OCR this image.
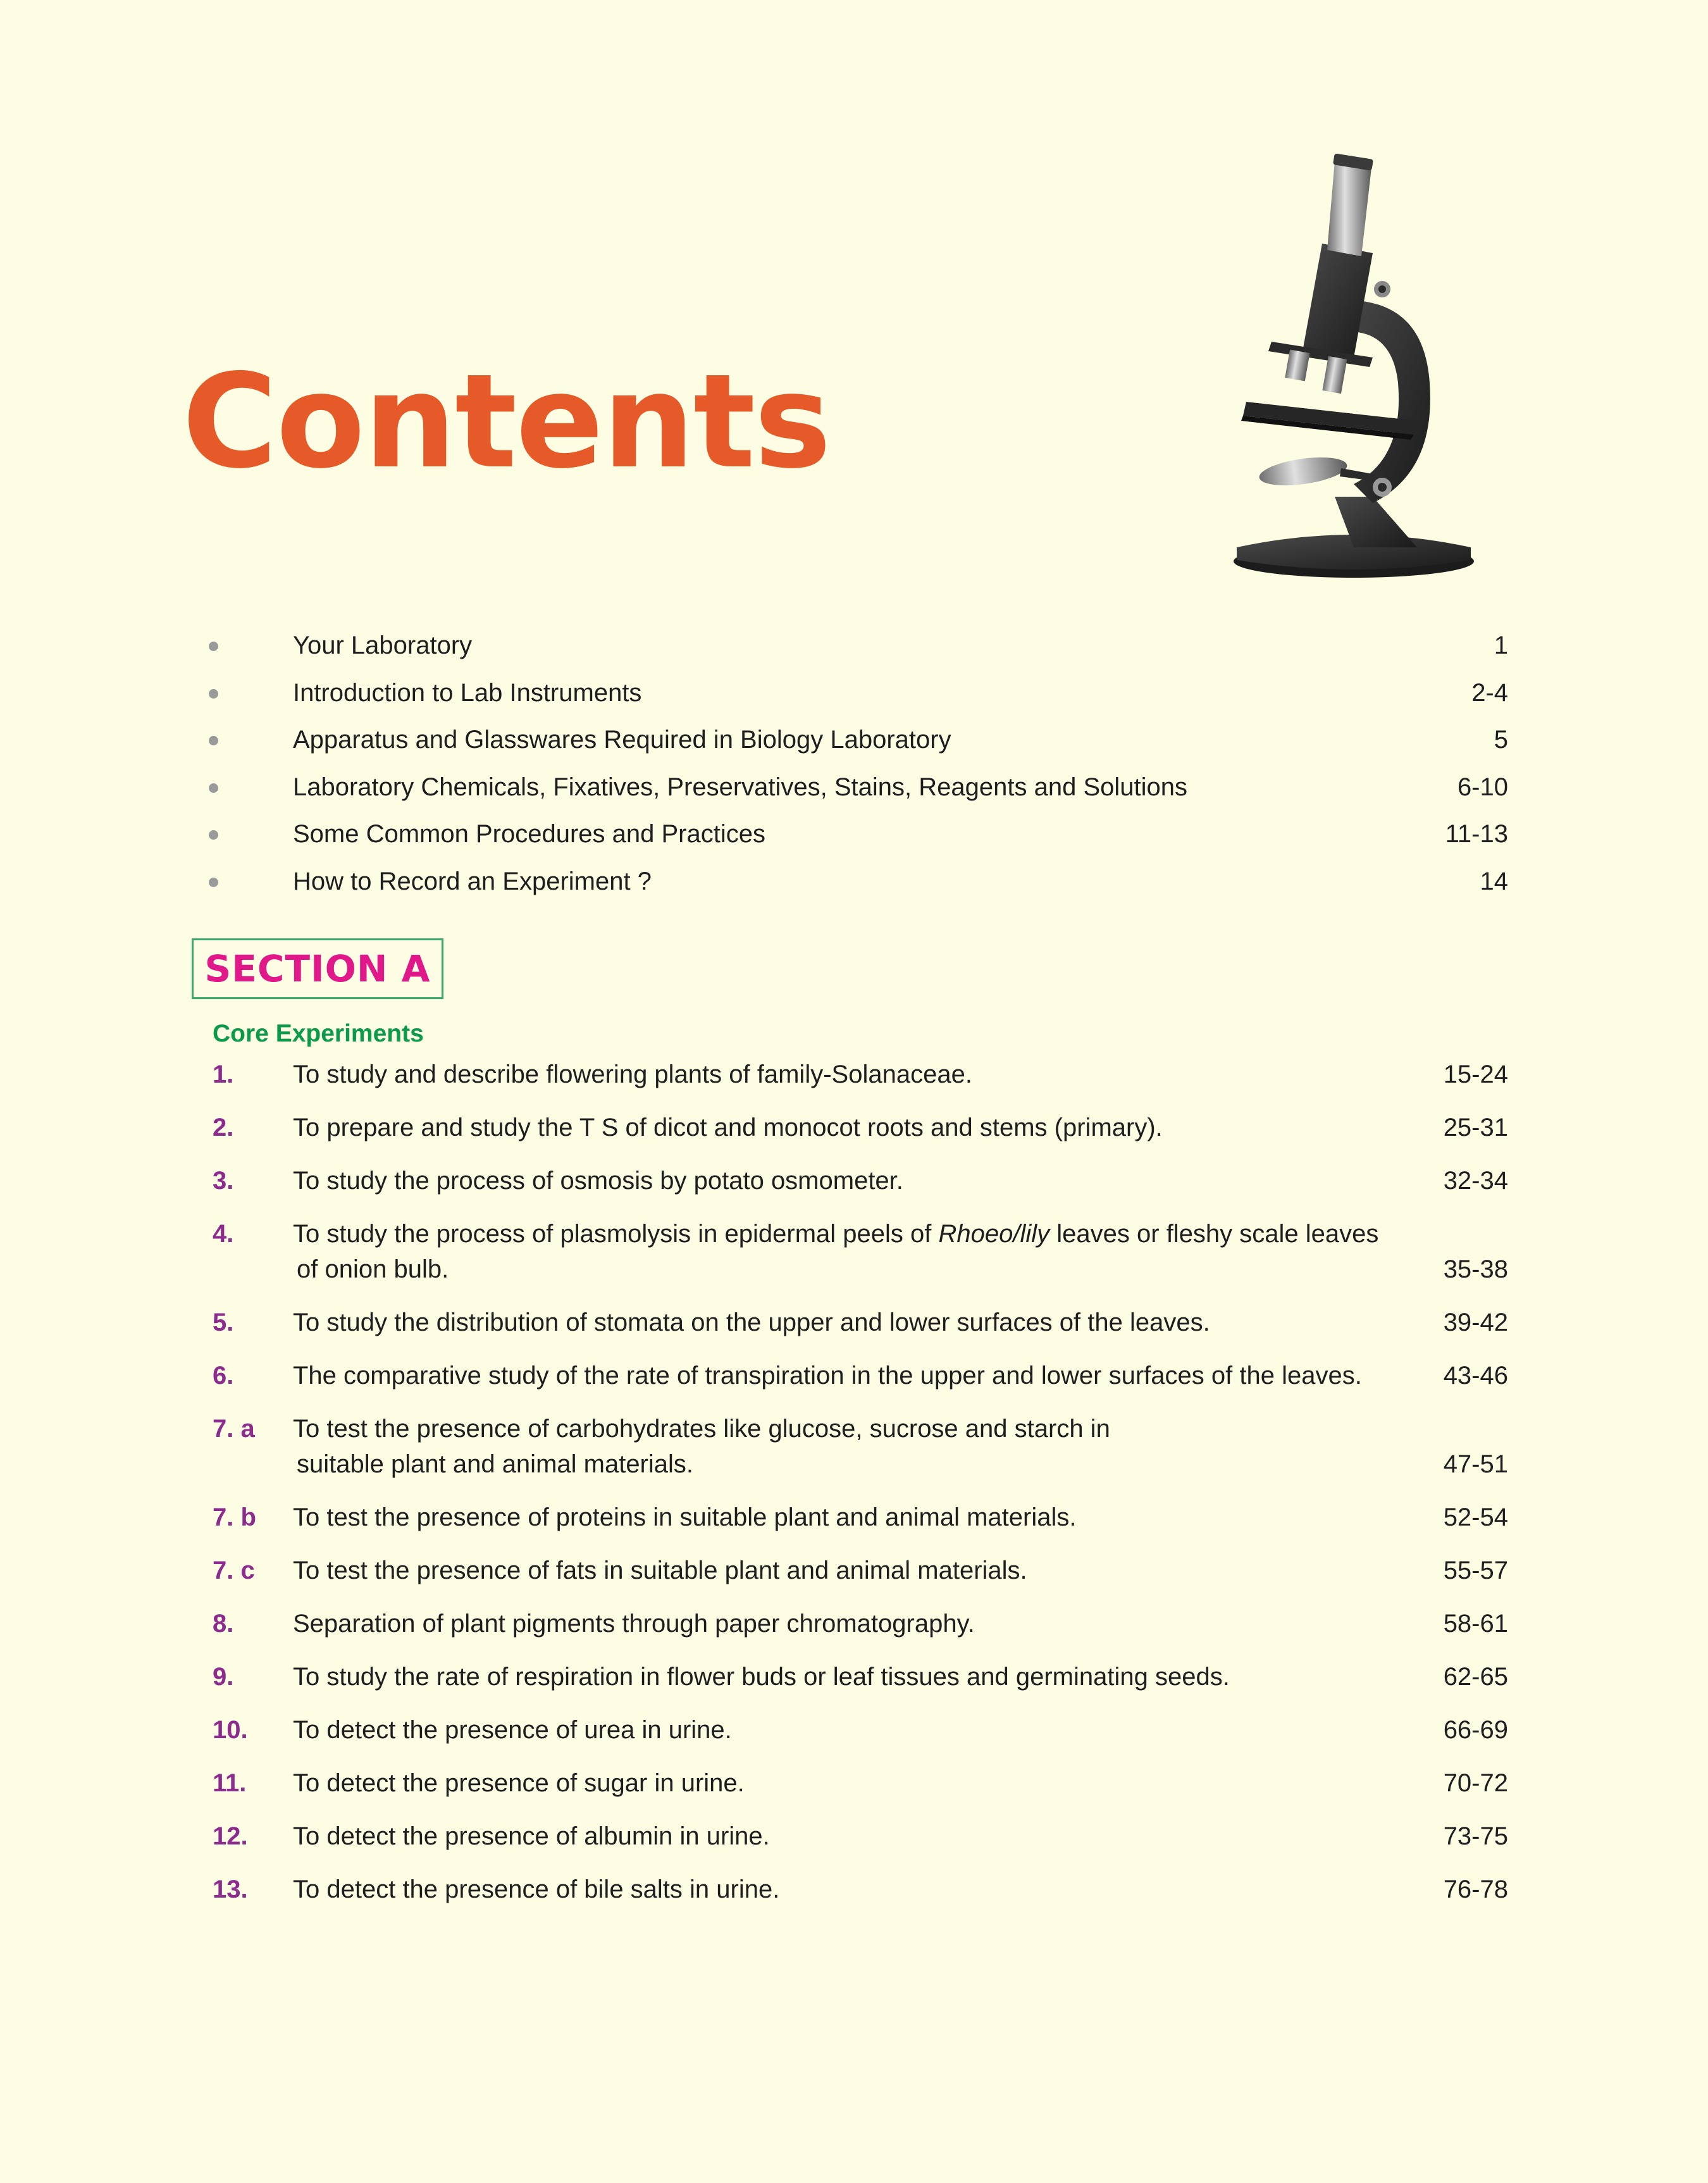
Contents
Your Laboratory	1
Introduction to Lab Instruments	2-4
Apparatus and Glasswares Required in Biology Laboratory	5
Laboratory Chemicals, Fixatives, Preservatives, Stains, Reagents and Solutions	6-10
Some Common Procedures and Practices	11-13
How to Record an Experiment ?	14
SECTION A
Core Experiments
1. To study and describe flowering plants of family-Solanaceae.	15-24
2. To prepare and study the T S of dicot and monocot roots and stems (primary).	25-31
3. To study the process of osmosis by potato osmometer.	32-34
4. To study the process of plasmolysis in epidermal peels of Rhoeo/lily leaves or fleshy scale leaves
of onion bulb.	35-38
5. To study the distribution of stomata on the upper and lower surfaces of the leaves.	39-42
6. The comparative study of the rate of transpiration in the upper and lower surfaces of the leaves.	43-46
7. a To test the presence of carbohydrates like glucose, sucrose and starch in
suitable plant and animal materials.	47-51
7. b To test the presence of proteins in suitable plant and animal materials.	52-54
7. c To test the presence of fats in suitable plant and animal materials.	55-57
8. Separation of plant pigments through paper chromatography.	58-61
9. To study the rate of respiration in flower buds or leaf tissues and germinating seeds.	62-65
10. To detect the presence of urea in urine.	66-69
11. To detect the presence of sugar in urine.	70-72
12. To detect the presence of albumin in urine.	73-75
13. To detect the presence of bile salts in urine.	76-78
